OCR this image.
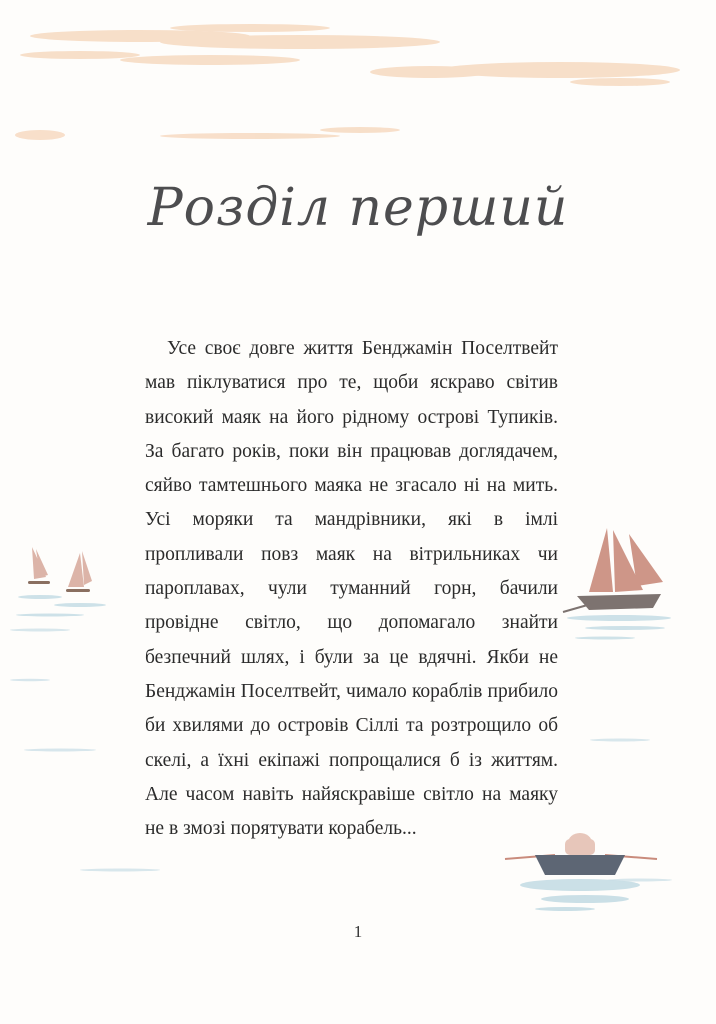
Розділ перший

Усе своє довге життя Бенджамін Поселтвейт мав піклуватися про те, щоби яскраво світив високий маяк на його рідному острові Тупиків. За багато років, поки він працював доглядачем, сяйво тамтешнього маяка не згасало ні на мить. Усі моряки та мандрівники, які в імлі пропливали повз маяк на вітрильниках чи пароплавах, чули туманний горн, бачили провідне світло, що допомагало знайти безпечний шлях, і були за це вдячні. Якби не Бенджамін Поселтвейт, чимало кораблів прибило би хвилями до островів Сіллі та розтрощило об скелі, а їхні екіпажі попрощалися б із життям. Але часом навіть найяскравіше світло на маяку не в змозі порятувати корабель...

1
